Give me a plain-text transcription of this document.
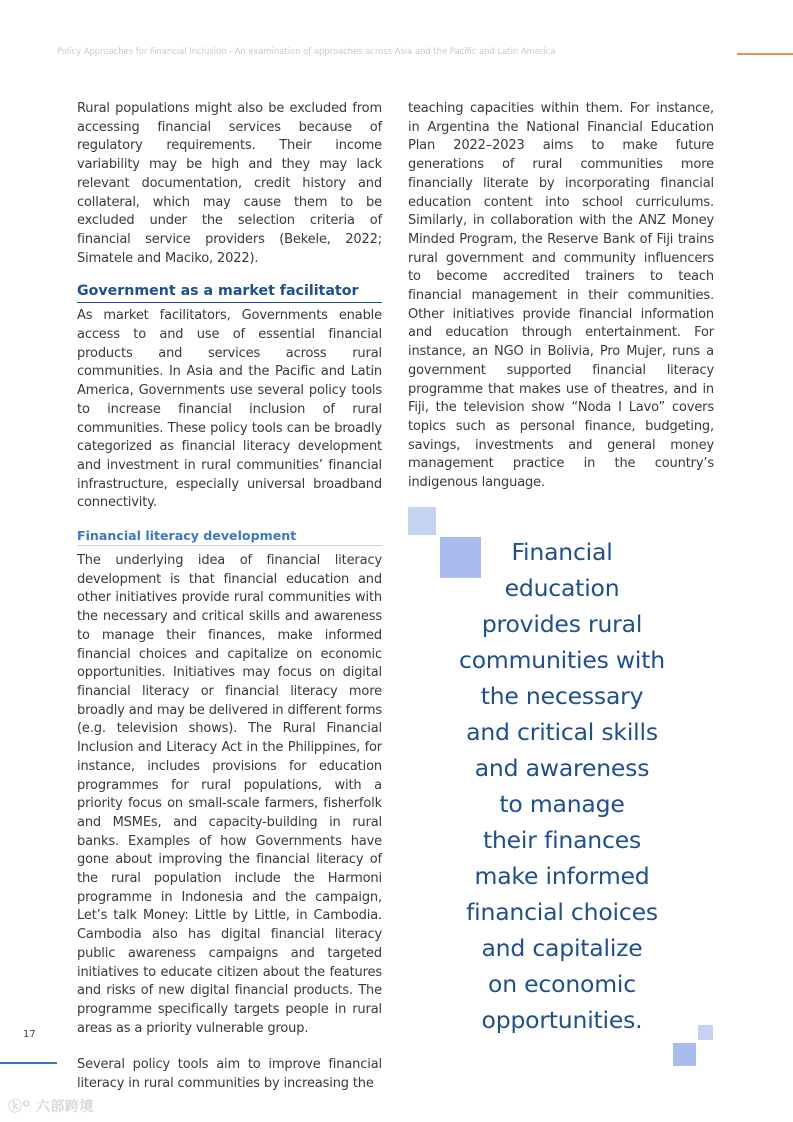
Policy Approaches for Financial Inclusion - An examination of approaches across Asia and the Pacific and Latin America

Rural populations might also be excluded from accessing financial services because of regulatory requirements. Their income variability may be high and they may lack relevant documentation, credit history and collateral, which may cause them to be excluded under the selection criteria of financial service providers (Bekele, 2022; Simatele and Maciko, 2022).

Government as a market facilitator

As market facilitators, Governments enable access to and use of essential financial products and services across rural communities. In Asia and the Pacific and Latin America, Governments use several policy tools to increase financial inclusion of rural communities. These policy tools can be broadly categorized as financial literacy development and investment in rural communities’ financial infrastructure, especially universal broadband connectivity.

Financial literacy development

The underlying idea of financial literacy development is that financial education and other initiatives provide rural communities with the necessary and critical skills and awareness to manage their finances, make informed financial choices and capitalize on economic opportunities. Initiatives may focus on digital financial literacy or financial literacy more broadly and may be delivered in different forms (e.g. television shows). The Rural Financial Inclusion and Literacy Act in the Philippines, for instance, includes provisions for education programmes for rural populations, with a priority focus on small-scale farmers, fisherfolk and MSMEs, and capacity-building in rural banks. Examples of how Governments have gone about improving the financial literacy of the rural population include the Harmoni programme in Indonesia and the campaign, Let’s talk Money: Little by Little, in Cambodia. Cambodia also has digital financial literacy public awareness campaigns and targeted initiatives to educate citizen about the features and risks of new digital financial products. The programme specifically targets people in rural areas as a priority vulnerable group.

Several policy tools aim to improve financial literacy in rural communities by increasing the

teaching capacities within them. For instance, in Argentina the National Financial Education Plan 2022–2023 aims to make future generations of rural communities more financially literate by incorporating financial education content into school curriculums. Similarly, in collaboration with the ANZ Money Minded Program, the Reserve Bank of Fiji trains rural government and community influencers to become accredited trainers to teach financial management in their communities. Other initiatives provide financial information and education through entertainment. For instance, an NGO in Bolivia, Pro Mujer, runs a government supported financial literacy programme that makes use of theatres, and in Fiji, the television show “Noda I Lavo” covers topics such as personal finance, budgeting, savings, investments and general money management practice in the country’s indigenous language.

Financial
education
provides rural
communities with
the necessary
and critical skills
and awareness
to manage
their finances
make informed
financial choices
and capitalize
on economic
opportunities.
17
ⓚᴼ 六部跨境
